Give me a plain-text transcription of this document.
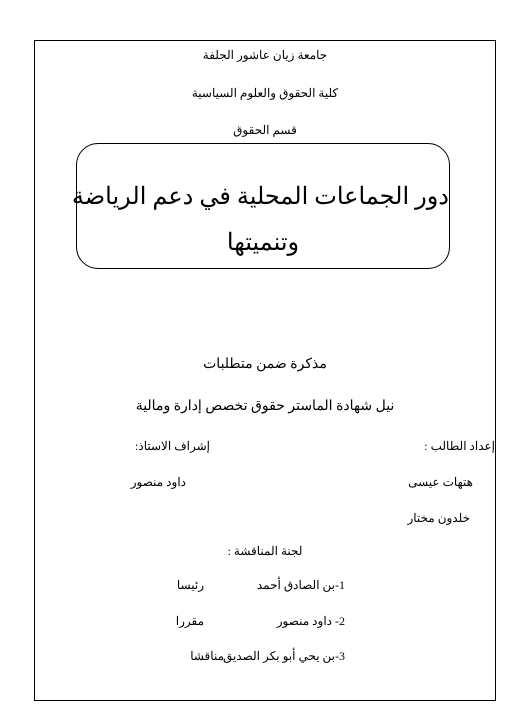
جامعة زيان عاشور الجلفة
كلية الحقوق والعلوم السياسية
قسم الحقوق
دور الجماعات المحلية في دعم الرياضة
وتنميتها
مذكرة ضمن متطلبات
نيل شهادة الماستر حقوق تخصص إدارة ومالية
إعداد الطالب :
إشراف الاستاذ:
هتهات عيسى
داود منصور
خلدون مختار
لجنة المناقشة :
1-بن الصادق أحمد
رئيسا
2- داود منصور
مقررا
3-بن يحي أبو بكر الصديق
مناقشا
